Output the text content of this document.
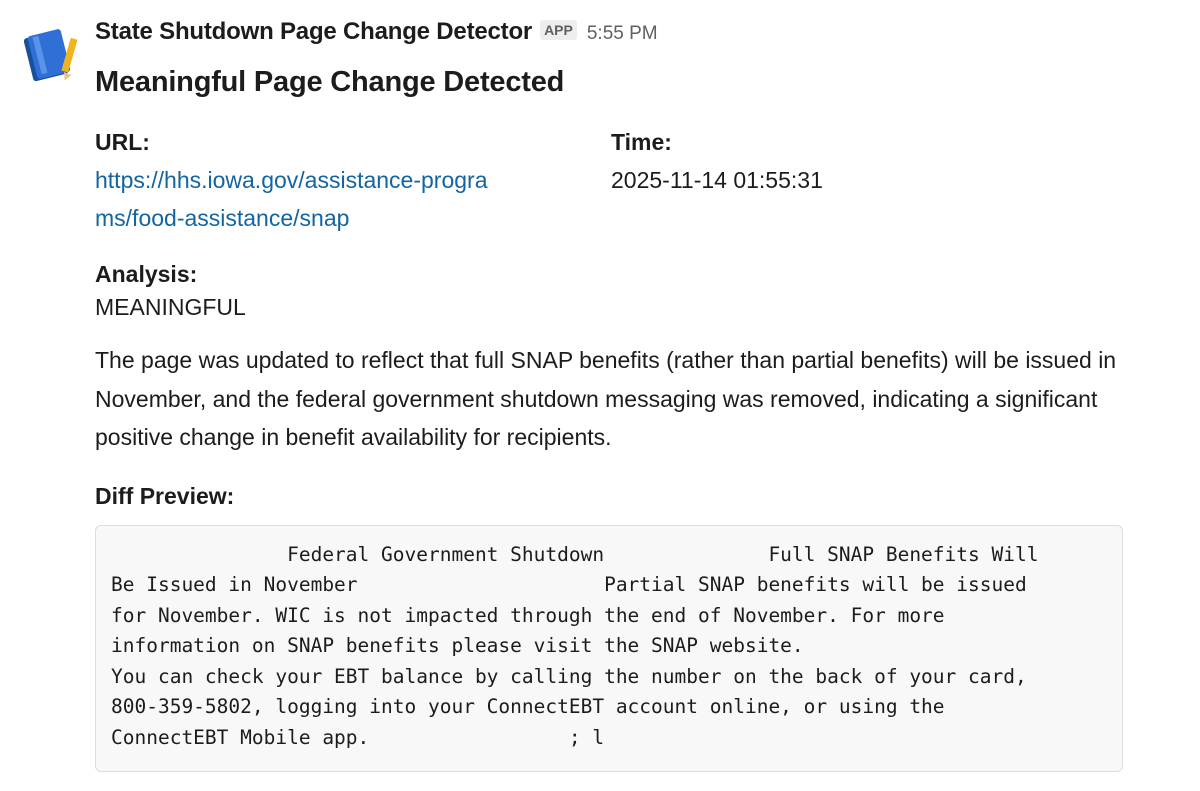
State Shutdown Page Change Detector APP 5:55 PM
Meaningful Page Change Detected
URL:
https://hhs.iowa.gov/assistance-programs/food-assistance/snap
Time:
2025-11-14 01:55:31
Analysis:
MEANINGFUL
The page was updated to reflect that full SNAP benefits (rather than partial benefits) will be issued in November, and the federal government shutdown messaging was removed, indicating a significant positive change in benefit availability for recipients.
Diff Preview:
Federal Government Shutdown              Full SNAP Benefits Will
Be Issued in November                     Partial SNAP benefits will be issued
for November. WIC is not impacted through the end of November. For more
information on SNAP benefits please visit the SNAP website.
You can check your EBT balance by calling the number on the back of your card,
800-359-5802, logging into your ConnectEBT account online, or using the
ConnectEBT Mobile app.                 ; l
